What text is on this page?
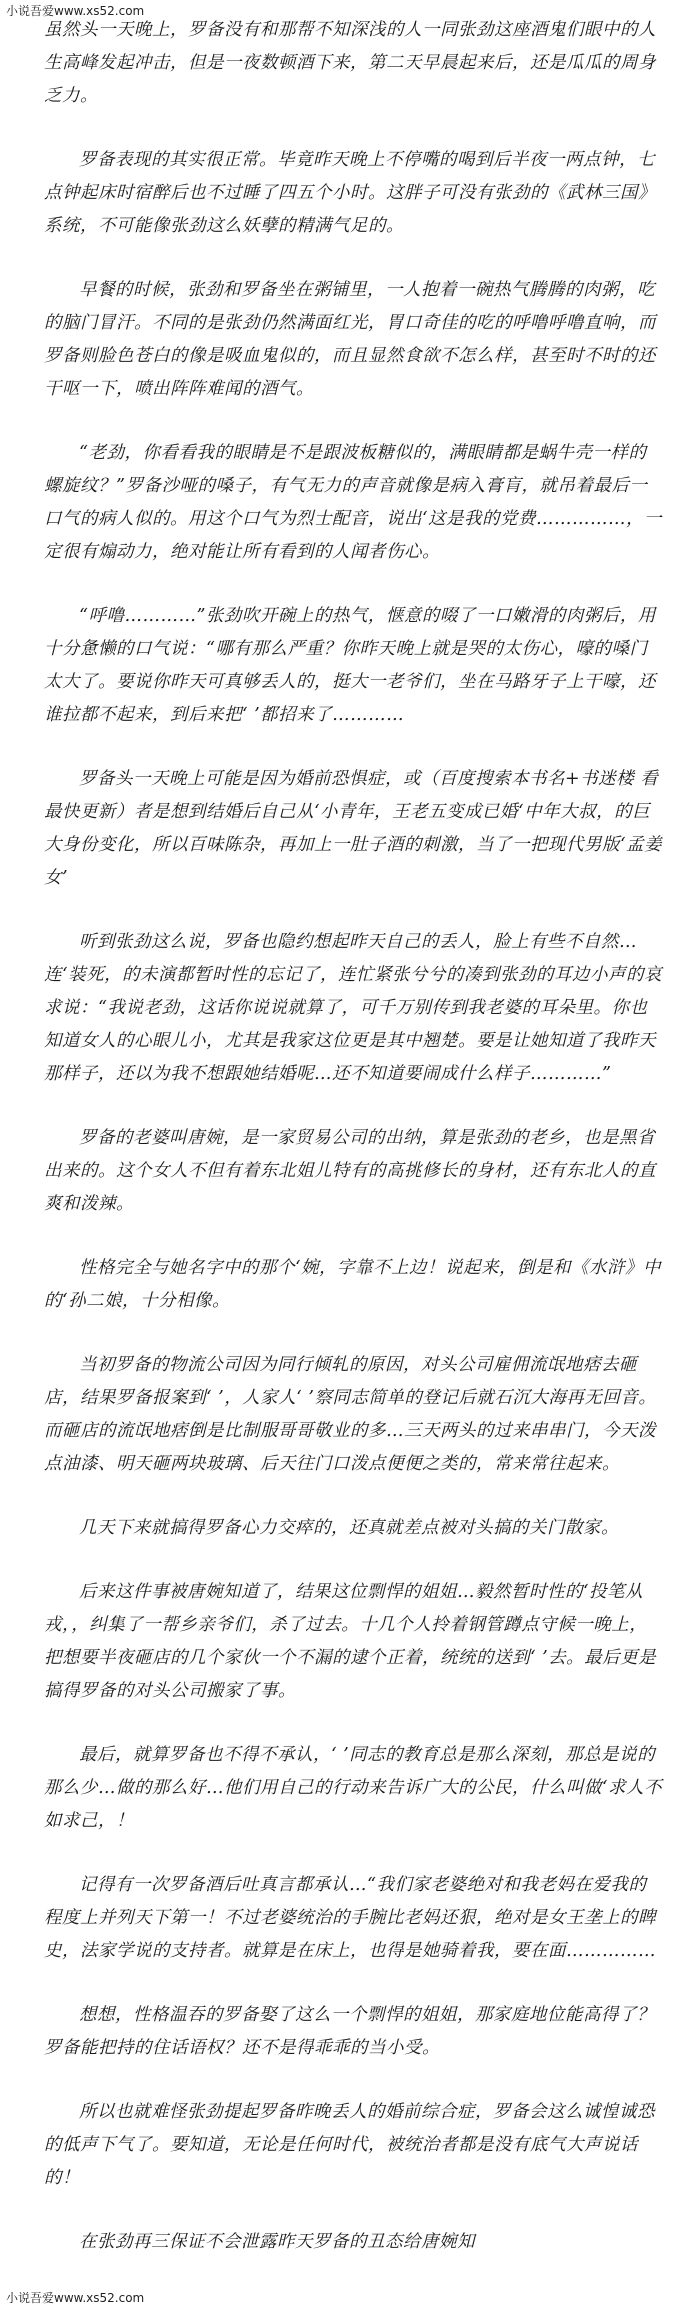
小说吾爱www.xs52.com

虽然头一天晚上，罗备没有和那帮不知深浅的人一同张劲这座酒鬼们眼中的人生高峰发起冲击，但是一夜数顿酒下来，第二天早晨起来后，还是瓜瓜的周身乏力。

罗备表现的其实很正常。毕竟昨天晚上不停嘴的喝到后半夜一两点钟，七点钟起床时宿醉后也不过睡了四五个小时。这胖子可没有张劲的《武林三国》系统，不可能像张劲这么妖孽的精满气足的。

早餐的时候，张劲和罗备坐在粥铺里，一人抱着一碗热气腾腾的肉粥，吃的脑门冒汗。不同的是张劲仍然满面红光，胃口奇佳的吃的呼噜呼噜直响，而罗备则脸色苍白的像是吸血鬼似的，而且显然食欲不怎么样，甚至时不时的还干呕一下，喷出阵阵难闻的酒气。

“老劲，你看看我的眼睛是不是跟波板糖似的，满眼睛都是蜗牛壳一样的螺旋纹？”罗备沙哑的嗓子，有气无力的声音就像是病入膏肓，就吊着最后一口气的病人似的。用这个口气为烈士配音，说出‘这是我的党费……………，一定很有煽动力，绝对能让所有看到的人闻者伤心。

“呼噜…………”张劲吹开碗上的热气，惬意的啜了一口嫩滑的肉粥后，用十分惫懒的口气说：“哪有那么严重？你昨天晚上就是哭的太伤心，嚎的嗓门太大了。要说你昨天可真够丢人的，挺大一老爷们，坐在马路牙子上干嚎，还谁拉都不起来，到后来把‘ ’都招来了…………

罗备头一天晚上可能是因为婚前恐惧症，或（百度搜索本书名+书迷楼 看最快更新）者是想到结婚后自己从‘小青年，王老五变成已婚‘中年大叔，的巨大身份变化，所以百味陈杂，再加上一肚子酒的刺激，当了一把现代男版‘孟姜女’

听到张劲这么说，罗备也隐约想起昨天自己的丢人，脸上有些不自然…连‘装死，的未演都暂时性的忘记了，连忙紧张兮兮的凑到张劲的耳边小声的哀求说：“我说老劲，这话你说说就算了，可千万别传到我老婆的耳朵里。你也知道女人的心眼儿小，尤其是我家这位更是其中翘楚。要是让她知道了我昨天那样子，还以为我不想跟她结婚呢…还不知道要闹成什么样子…………”

罗备的老婆叫唐婉，是一家贸易公司的出纳，算是张劲的老乡，也是黑省出来的。这个女人不但有着东北姐儿特有的高挑修长的身材，还有东北人的直爽和泼辣。

性格完全与她名字中的那个‘婉，字靠不上边！说起来，倒是和《水浒》中的‘孙二娘，十分相像。

当初罗备的物流公司因为同行倾轧的原因，对头公司雇佣流氓地痞去砸店，结果罗备报案到‘ ’，人家人‘ ’察同志简单的登记后就石沉大海再无回音。而砸店的流氓地痞倒是比制服哥哥敬业的多…三天两头的过来串串门，今天泼点油漆、明天砸两块玻璃、后天往门口泼点便便之类的，常来常往起来。

几天下来就搞得罗备心力交瘁的，还真就差点被对头搞的关门散家。

后来这件事被唐婉知道了，结果这位剽悍的姐姐…毅然暂时性的‘投笔从戎，，纠集了一帮乡亲爷们，杀了过去。十几个人拎着钢管蹲点守候一晚上，把想要半夜砸店的几个家伙一个不漏的逮个正着，统统的送到‘ ’去。最后更是搞得罗备的对头公司搬家了事。

最后，就算罗备也不得不承认，‘ ’同志的教育总是那么深刻，那总是说的那么少…做的那么好…他们用自己的行动来告诉广大的公民，什么叫做‘求人不如求己，！

记得有一次罗备酒后吐真言都承认…“我们家老婆绝对和我老妈在爱我的程度上并列天下第一！不过老婆统治的手腕比老妈还狠，绝对是女王垄上的睥史，法家学说的支持者。就算是在床上，也得是她骑着我，要在面……………

想想，性格温吞的罗备娶了这么一个剽悍的姐姐，那家庭地位能高得了？罗备能把持的住话语权？还不是得乖乖的当小受。

所以也就难怪张劲提起罗备昨晚丢人的婚前综合症，罗备会这么诚惶诚恐的低声下气了。要知道，无论是任何时代，被统治者都是没有底气大声说话的！

在张劲再三保证不会泄露昨天罗备的丑态给唐婉知

小说吾爱www.xs52.com
